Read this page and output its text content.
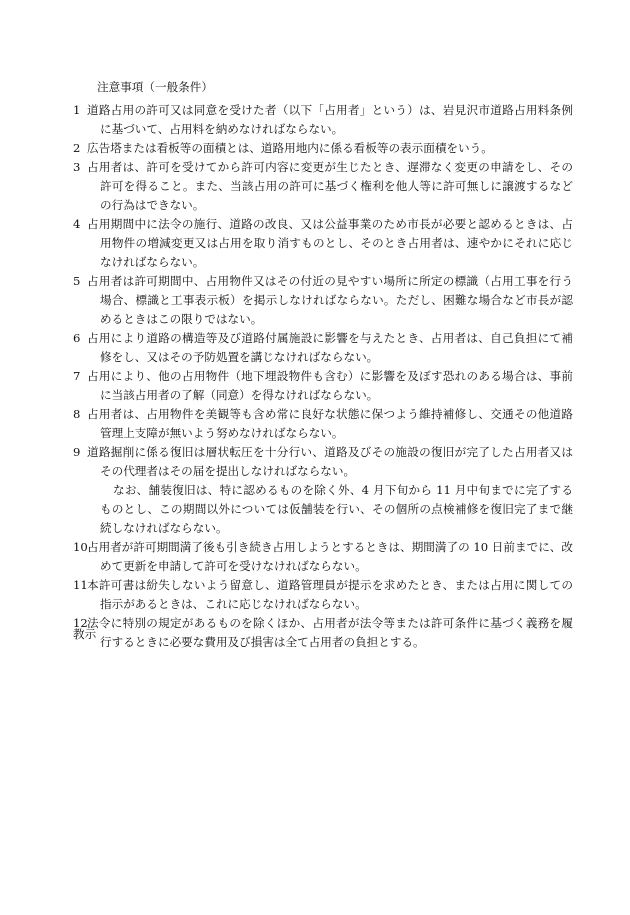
注意事項（一般条件）
1 道路占用の許可又は同意を受けた者（以下「占用者」という）は、岩見沢市道路占用料条例に基づいて、占用料を納めなければならない。
2 広告塔または看板等の面積とは、道路用地内に係る看板等の表示面積をいう。
3 占用者は、許可を受けてから許可内容に変更が生じたとき、遅滞なく変更の申請をし、その許可を得ること。また、当該占用の許可に基づく権利を他人等に許可無しに譲渡するなどの行為はできない。
4 占用期間中に法令の施行、道路の改良、又は公益事業のため市長が必要と認めるときは、占用物件の増減変更又は占用を取り消すものとし、そのとき占用者は、速やかにそれに応じなければならない。
5 占用者は許可期間中、占用物件又はその付近の見やすい場所に所定の標識（占用工事を行う場合、標識と工事表示板）を掲示しなければならない。ただし、困難な場合など市長が認めるときはこの限りではない。
6 占用により道路の構造等及び道路付属施設に影響を与えたとき、占用者は、自己負担にて補修をし、又はその予防処置を講じなければならない。
7 占用により、他の占用物件（地下埋設物件も含む）に影響を及ぼす恐れのある場合は、事前に当該占用者の了解（同意）を得なければならない。
8 占用者は、占用物件を美観等も含め常に良好な状態に保つよう維持補修し、交通その他道路管理上支障が無いよう努めなければならない。
9 道路掘削に係る復旧は層状転圧を十分行い、道路及びその施設の復旧が完了した占用者又はその代理者はその届を提出しなければならない。
なお、舗装復旧は、特に認めるものを除く外、4 月下旬から 11 月中旬までに完了するものとし、この期間以外については仮舗装を行い、その個所の点検補修を復旧完了まで継続しなければならない。
10 占用者が許可期間満了後も引き続き占用しようとするときは、期間満了の 10 日前までに、改めて更新を申請して許可を受けなければならない。
11 本許可書は紛失しないよう留意し、道路管理員が提示を求めたとき、または占用に関しての指示があるときは、これに応じなければならない。
12 法令に特別の規定があるものを除くほか、占用者が法令等または許可条件に基づく義務を履行するときに必要な費用及び損害は全て占用者の負担とする。
教示
